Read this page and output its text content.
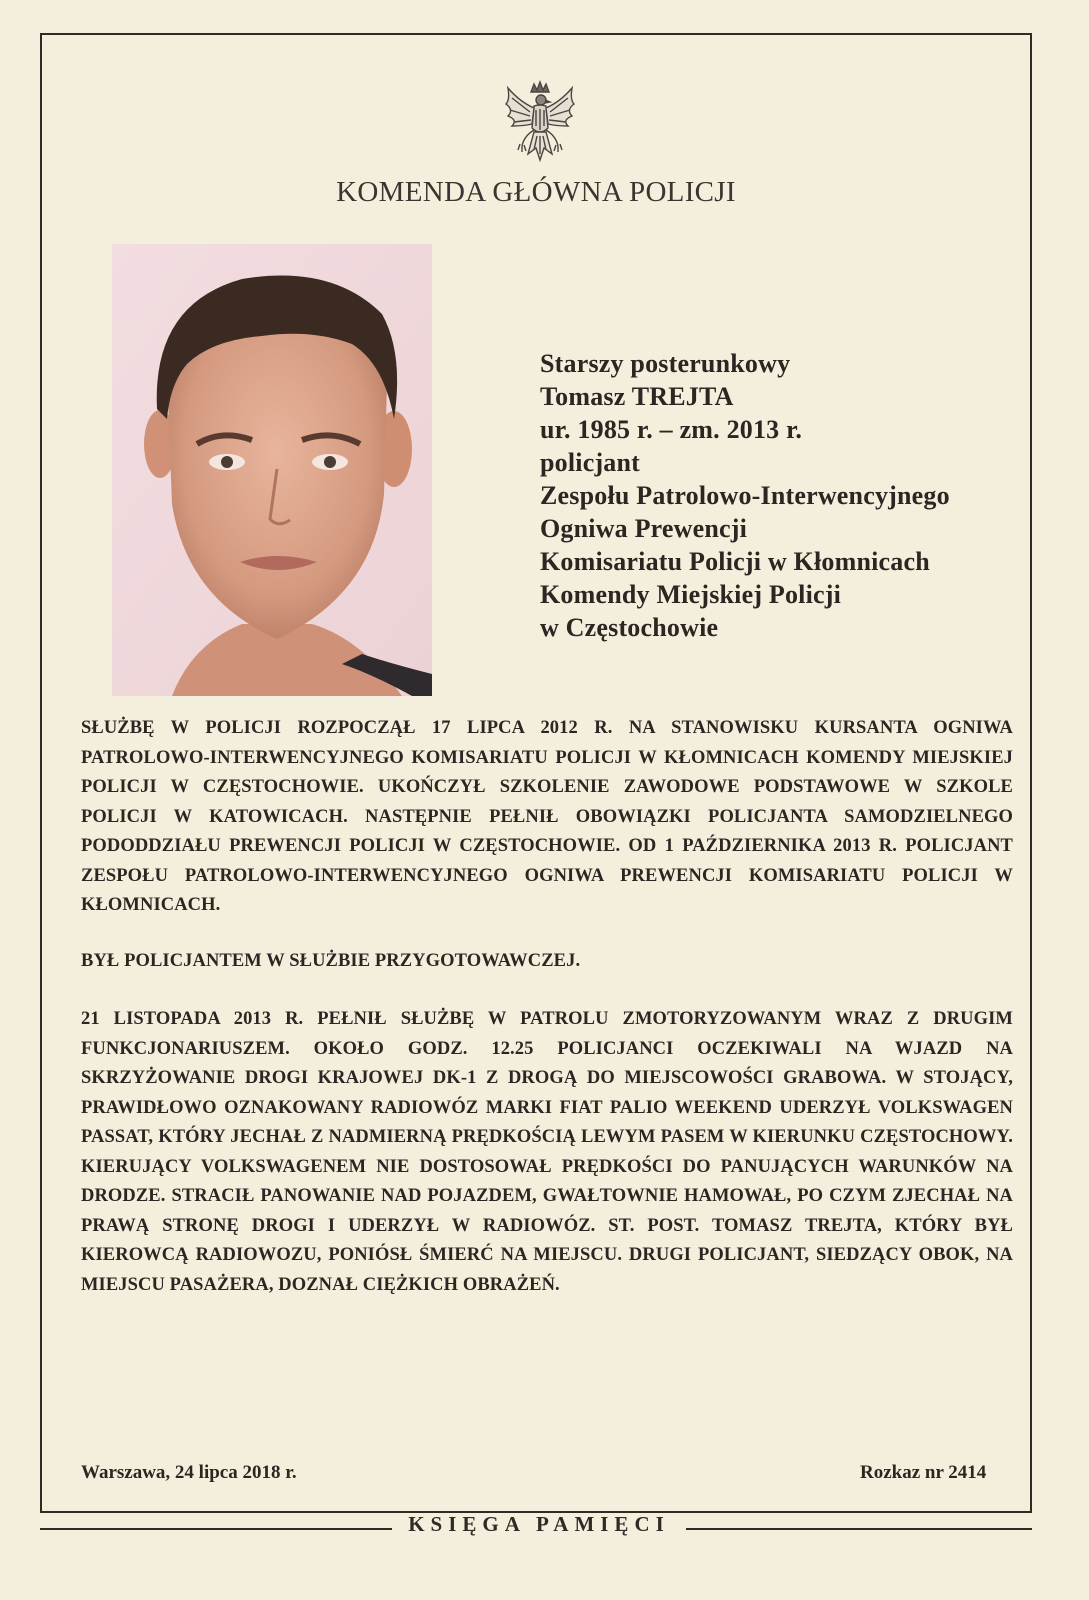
KOMENDA GŁÓWNA POLICJI
Starszy posterunkowy
Tomasz TREJTA
ur. 1985 r. – zm. 2013 r.
policjant
Zespołu Patrolowo-Interwencyjnego
Ogniwa Prewencji
Komisariatu Policji w Kłomnicach
Komendy Miejskiej Policji
w Częstochowie
SŁUŻBĘ W POLICJI ROZPOCZĄŁ 17 LIPCA 2012 R. NA STANOWISKU KURSANTA OGNIWA PATROLOWO-INTERWENCYJNEGO KOMISARIATU POLICJI W KŁOMNICACH KOMENDY MIEJSKIEJ POLICJI W CZĘSTOCHOWIE. UKOŃCZYŁ SZKOLENIE ZAWODOWE PODSTAWOWE W SZKOLE POLICJI W KATOWICACH. NASTĘPNIE PEŁNIŁ OBOWIĄZKI POLICJANTA SAMODZIELNEGO PODODDZIAŁU PREWENCJI POLICJI W CZĘSTOCHOWIE. OD 1 PAŹDZIERNIKA 2013 R. POLICJANT ZESPOŁU PATROLOWO-INTERWENCYJNEGO OGNIWA PREWENCJI KOMISARIATU POLICJI W KŁOMNICACH.
BYŁ POLICJANTEM W SŁUŻBIE PRZYGOTOWAWCZEJ.
21 LISTOPADA 2013 R. PEŁNIŁ SŁUŻBĘ W PATROLU ZMOTORYZOWANYM WRAZ Z DRUGIM FUNKCJONARIUSZEM. OKOŁO GODZ. 12.25 POLICJANCI OCZEKIWALI NA WJAZD NA SKRZYŻOWANIE DROGI KRAJOWEJ DK-1 Z DROGĄ DO MIEJSCOWOŚCI GRABOWA. W STOJĄCY, PRAWIDŁOWO OZNAKOWANY RADIOWÓZ MARKI FIAT PALIO WEEKEND UDERZYŁ VOLKSWAGEN PASSAT, KTÓRY JECHAŁ Z NADMIERNĄ PRĘDKOŚCIĄ LEWYM PASEM W KIERUNKU CZĘSTOCHOWY. KIERUJĄCY VOLKSWAGENEM NIE DOSTOSOWAŁ PRĘDKOŚCI DO PANUJĄCYCH WARUNKÓW NA DRODZE. STRACIŁ PANOWANIE NAD POJAZDEM, GWAŁTOWNIE HAMOWAŁ, PO CZYM ZJECHAŁ NA PRAWĄ STRONĘ DROGI I UDERZYŁ W RADIOWÓZ. ST. POST. TOMASZ TREJTA, KTÓRY BYŁ KIEROWCĄ RADIOWOZU, PONIÓSŁ ŚMIERĆ NA MIEJSCU. DRUGI POLICJANT, SIEDZĄCY OBOK, NA MIEJSCU PASAŻERA, DOZNAŁ CIĘŻKICH OBRAŻEŃ.
Warszawa, 24 lipca 2018 r.	Rozkaz nr 2414
KSIĘGA PAMIĘCI
